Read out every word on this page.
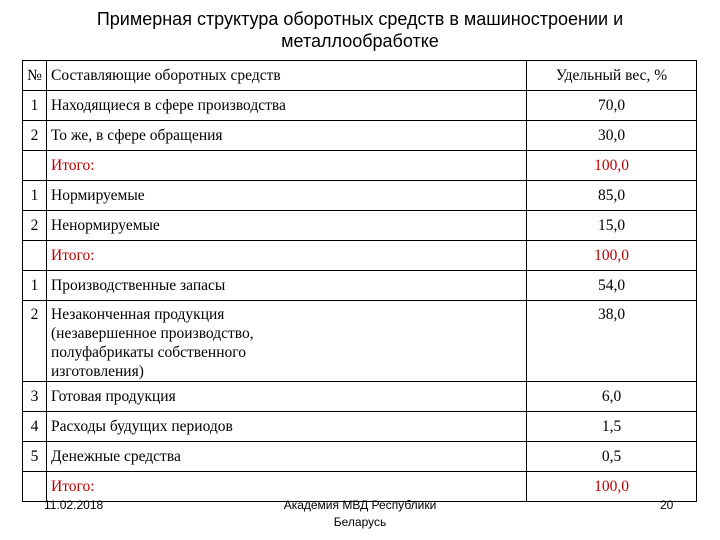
Примерная структура оборотных средств в машиностроении и металлообработке
№	Составляющие оборотных средств	Удельный вес, %
1	Находящиеся в сфере производства	70,0
2	То же, в сфере обращения	30,0
	Итого:	100,0
1	Нормируемые	85,0
2	Ненормируемые	15,0
	Итого:	100,0
1	Производственные запасы	54,0
2	Незаконченная продукция (незавершенное производство, полуфабрикаты собственного изготовления)	38,0
3	Готовая продукция	6,0
4	Расходы будущих периодов	1,5
5	Денежные средства	0,5
	Итого:	100,0
11.02.2018	Академия МВД Республики Беларусь
20
